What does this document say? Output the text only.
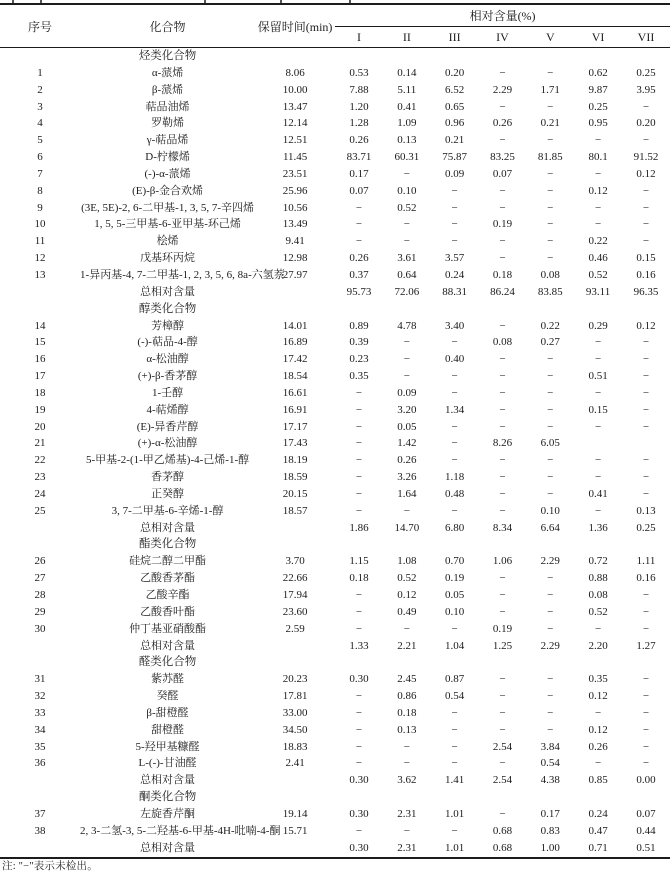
序号	化合物	保留时间(min)	相对含量(%)						
			I	II	III	IV	V	VI	VII
	烃类化合物								
1	α-蒎烯	8.06	0.53	0.14	0.20	−	−	0.62	0.25
2	β-蒎烯	10.00	7.88	5.11	6.52	2.29	1.71	9.87	3.95
3	萜品油烯	13.47	1.20	0.41	0.65	−	−	0.25	−
4	罗勒烯	12.14	1.28	1.09	0.96	0.26	0.21	0.95	0.20
5	γ-萜品烯	12.51	0.26	0.13	0.21	−	−	−	−
6	D-柠檬烯	11.45	83.71	60.31	75.87	83.25	81.85	80.1	91.52
7	(-)-α-蒎烯	23.51	0.17	−	0.09	0.07	−	−	0.12
8	(E)-β-金合欢烯	25.96	0.07	0.10	−	−	−	0.12	−
9	(3E, 5E)-2, 6-二甲基-1, 3, 5, 7-辛四烯	10.56	−	0.52	−	−	−	−	−
10	1, 5, 5-三甲基-6-亚甲基-环己烯	13.49	−	−	−	0.19	−	−	−
11	桧烯	9.41	−	−	−	−	−	0.22	−
12	戊基环丙烷	12.98	0.26	3.61	3.57	−	−	0.46	0.15
13	1-异丙基-4, 7-二甲基-1, 2, 3, 5, 6, 8a-六氢萘	27.97	0.37	0.64	0.24	0.18	0.08	0.52	0.16
	总相对含量		95.73	72.06	88.31	86.24	83.85	93.11	96.35
	醇类化合物								
14	芳樟醇	14.01	0.89	4.78	3.40	−	0.22	0.29	0.12
15	(-)-萜品-4-醇	16.89	0.39	−	−	0.08	0.27	−	−
16	α-松油醇	17.42	0.23	−	0.40	−	−	−	−
17	(+)-β-香茅醇	18.54	0.35	−	−	−	−	0.51	−
18	1-壬醇	16.61	−	0.09	−	−	−	−	−
19	4-萜烯醇	16.91	−	3.20	1.34	−	−	0.15	−
20	(E)-异香芹醇	17.17	−	0.05	−	−	−	−	−
21	(+)-α-松油醇	17.43	−	1.42	−	8.26	6.05		
22	5-甲基-2-(1-甲乙烯基)-4-己烯-1-醇	18.19	−	0.26	−	−	−	−	−
23	香茅醇	18.59	−	3.26	1.18	−	−	−	−
24	正癸醇	20.15	−	1.64	0.48	−	−	0.41	−
25	3, 7-二甲基-6-辛烯-1-醇	18.57	−	−	−	−	0.10	−	0.13
	总相对含量		1.86	14.70	6.80	8.34	6.64	1.36	0.25
	酯类化合物								
26	硅烷二醇二甲酯	3.70	1.15	1.08	0.70	1.06	2.29	0.72	1.11
27	乙酸香茅酯	22.66	0.18	0.52	0.19	−	−	0.88	0.16
28	乙酸辛酯	17.94	−	0.12	0.05	−	−	0.08	−
29	乙酸香叶酯	23.60	−	0.49	0.10	−	−	0.52	−
30	仲丁基亚硝酸酯	2.59	−	−	−	0.19	−	−	−
	总相对含量		1.33	2.21	1.04	1.25	2.29	2.20	1.27
	醛类化合物								
31	紫苏醛	20.23	0.30	2.45	0.87	−	−	0.35	−
32	癸醛	17.81	−	0.86	0.54	−	−	0.12	−
33	β-甜橙醛	33.00	−	0.18	−	−	−	−	−
34	甜橙醛	34.50	−	0.13	−	−	−	0.12	−
35	5-羟甲基糠醛	18.83	−	−	−	2.54	3.84	0.26	−
36	L-(-)-甘油醛	2.41	−	−	−	−	0.54	−	−
	总相对含量		0.30	3.62	1.41	2.54	4.38	0.85	0.00
	酮类化合物								
37	左旋香芹酮	19.14	0.30	2.31	1.01	−	0.17	0.24	0.07
38	2, 3-二氢-3, 5-二羟基-6-甲基-4H-吡喃-4-酮	15.71	−	−	−	0.68	0.83	0.47	0.44
	总相对含量		0.30	2.31	1.01	0.68	1.00	0.71	0.51
注: "−"表示未检出。
